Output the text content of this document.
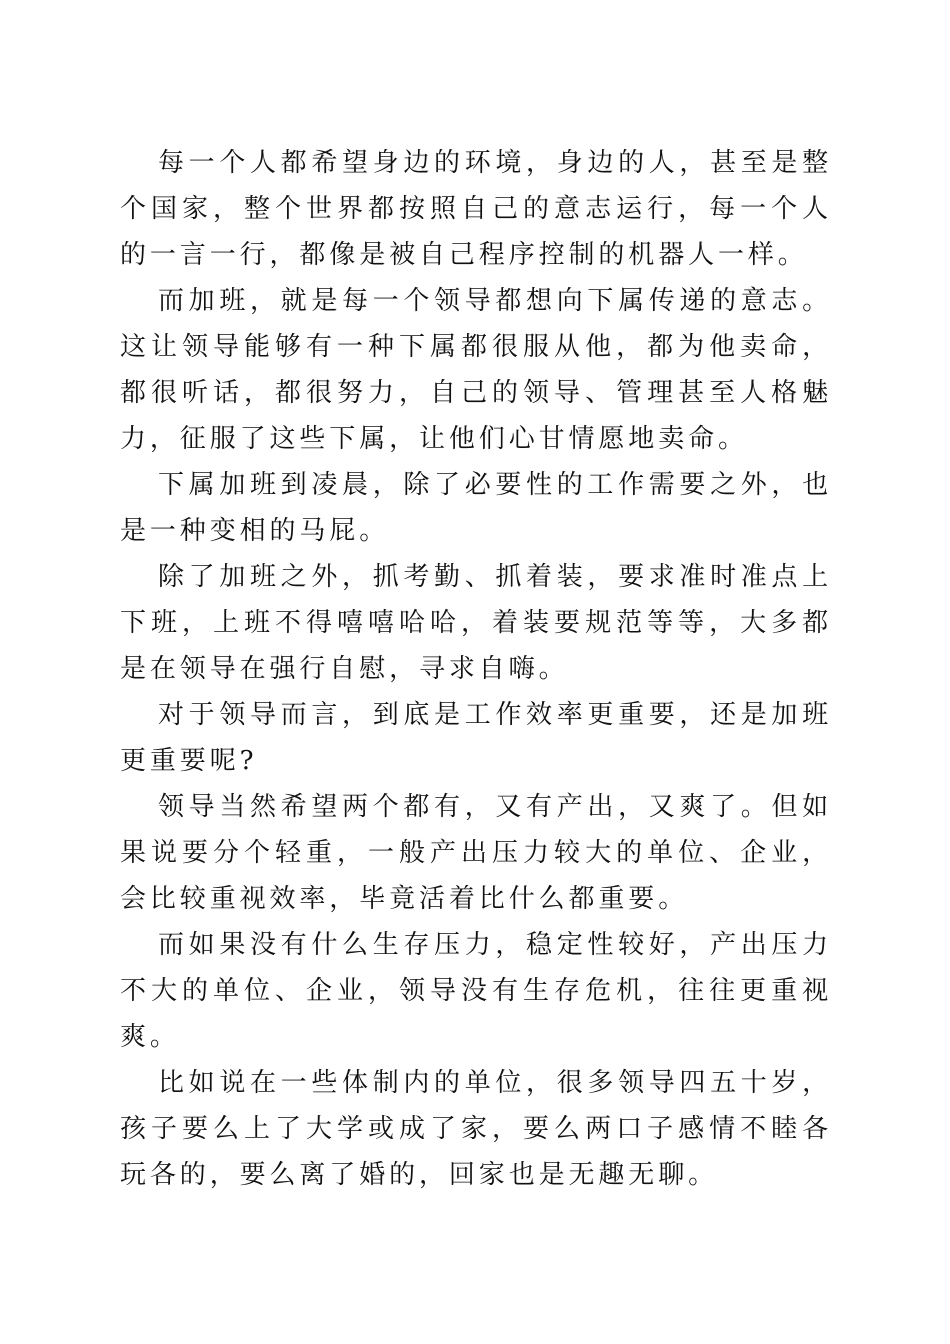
每一个人都希望身边的环境，身边的人，甚至是整个国家，整个世界都按照自己的意志运行，每一个人的一言一行，都像是被自己程序控制的机器人一样。

而加班，就是每一个领导都想向下属传递的意志。这让领导能够有一种下属都很服从他，都为他卖命，都很听话，都很努力，自己的领导、管理甚至人格魅力，征服了这些下属，让他们心甘情愿地卖命。

下属加班到凌晨，除了必要性的工作需要之外，也是一种变相的马屁。

除了加班之外，抓考勤、抓着装，要求准时准点上下班，上班不得嘻嘻哈哈，着装要规范等等，大多都是在领导在强行自慰，寻求自嗨。

对于领导而言，到底是工作效率更重要，还是加班更重要呢?

领导当然希望两个都有，又有产出，又爽了。但如果说要分个轻重，一般产出压力较大的单位、企业，会比较重视效率，毕竟活着比什么都重要。

而如果没有什么生存压力，稳定性较好，产出压力不大的单位、企业，领导没有生存危机，往往更重视爽。

比如说在一些体制内的单位，很多领导四五十岁，孩子要么上了大学或成了家，要么两口子感情不睦各玩各的，要么离了婚的，回家也是无趣无聊。
